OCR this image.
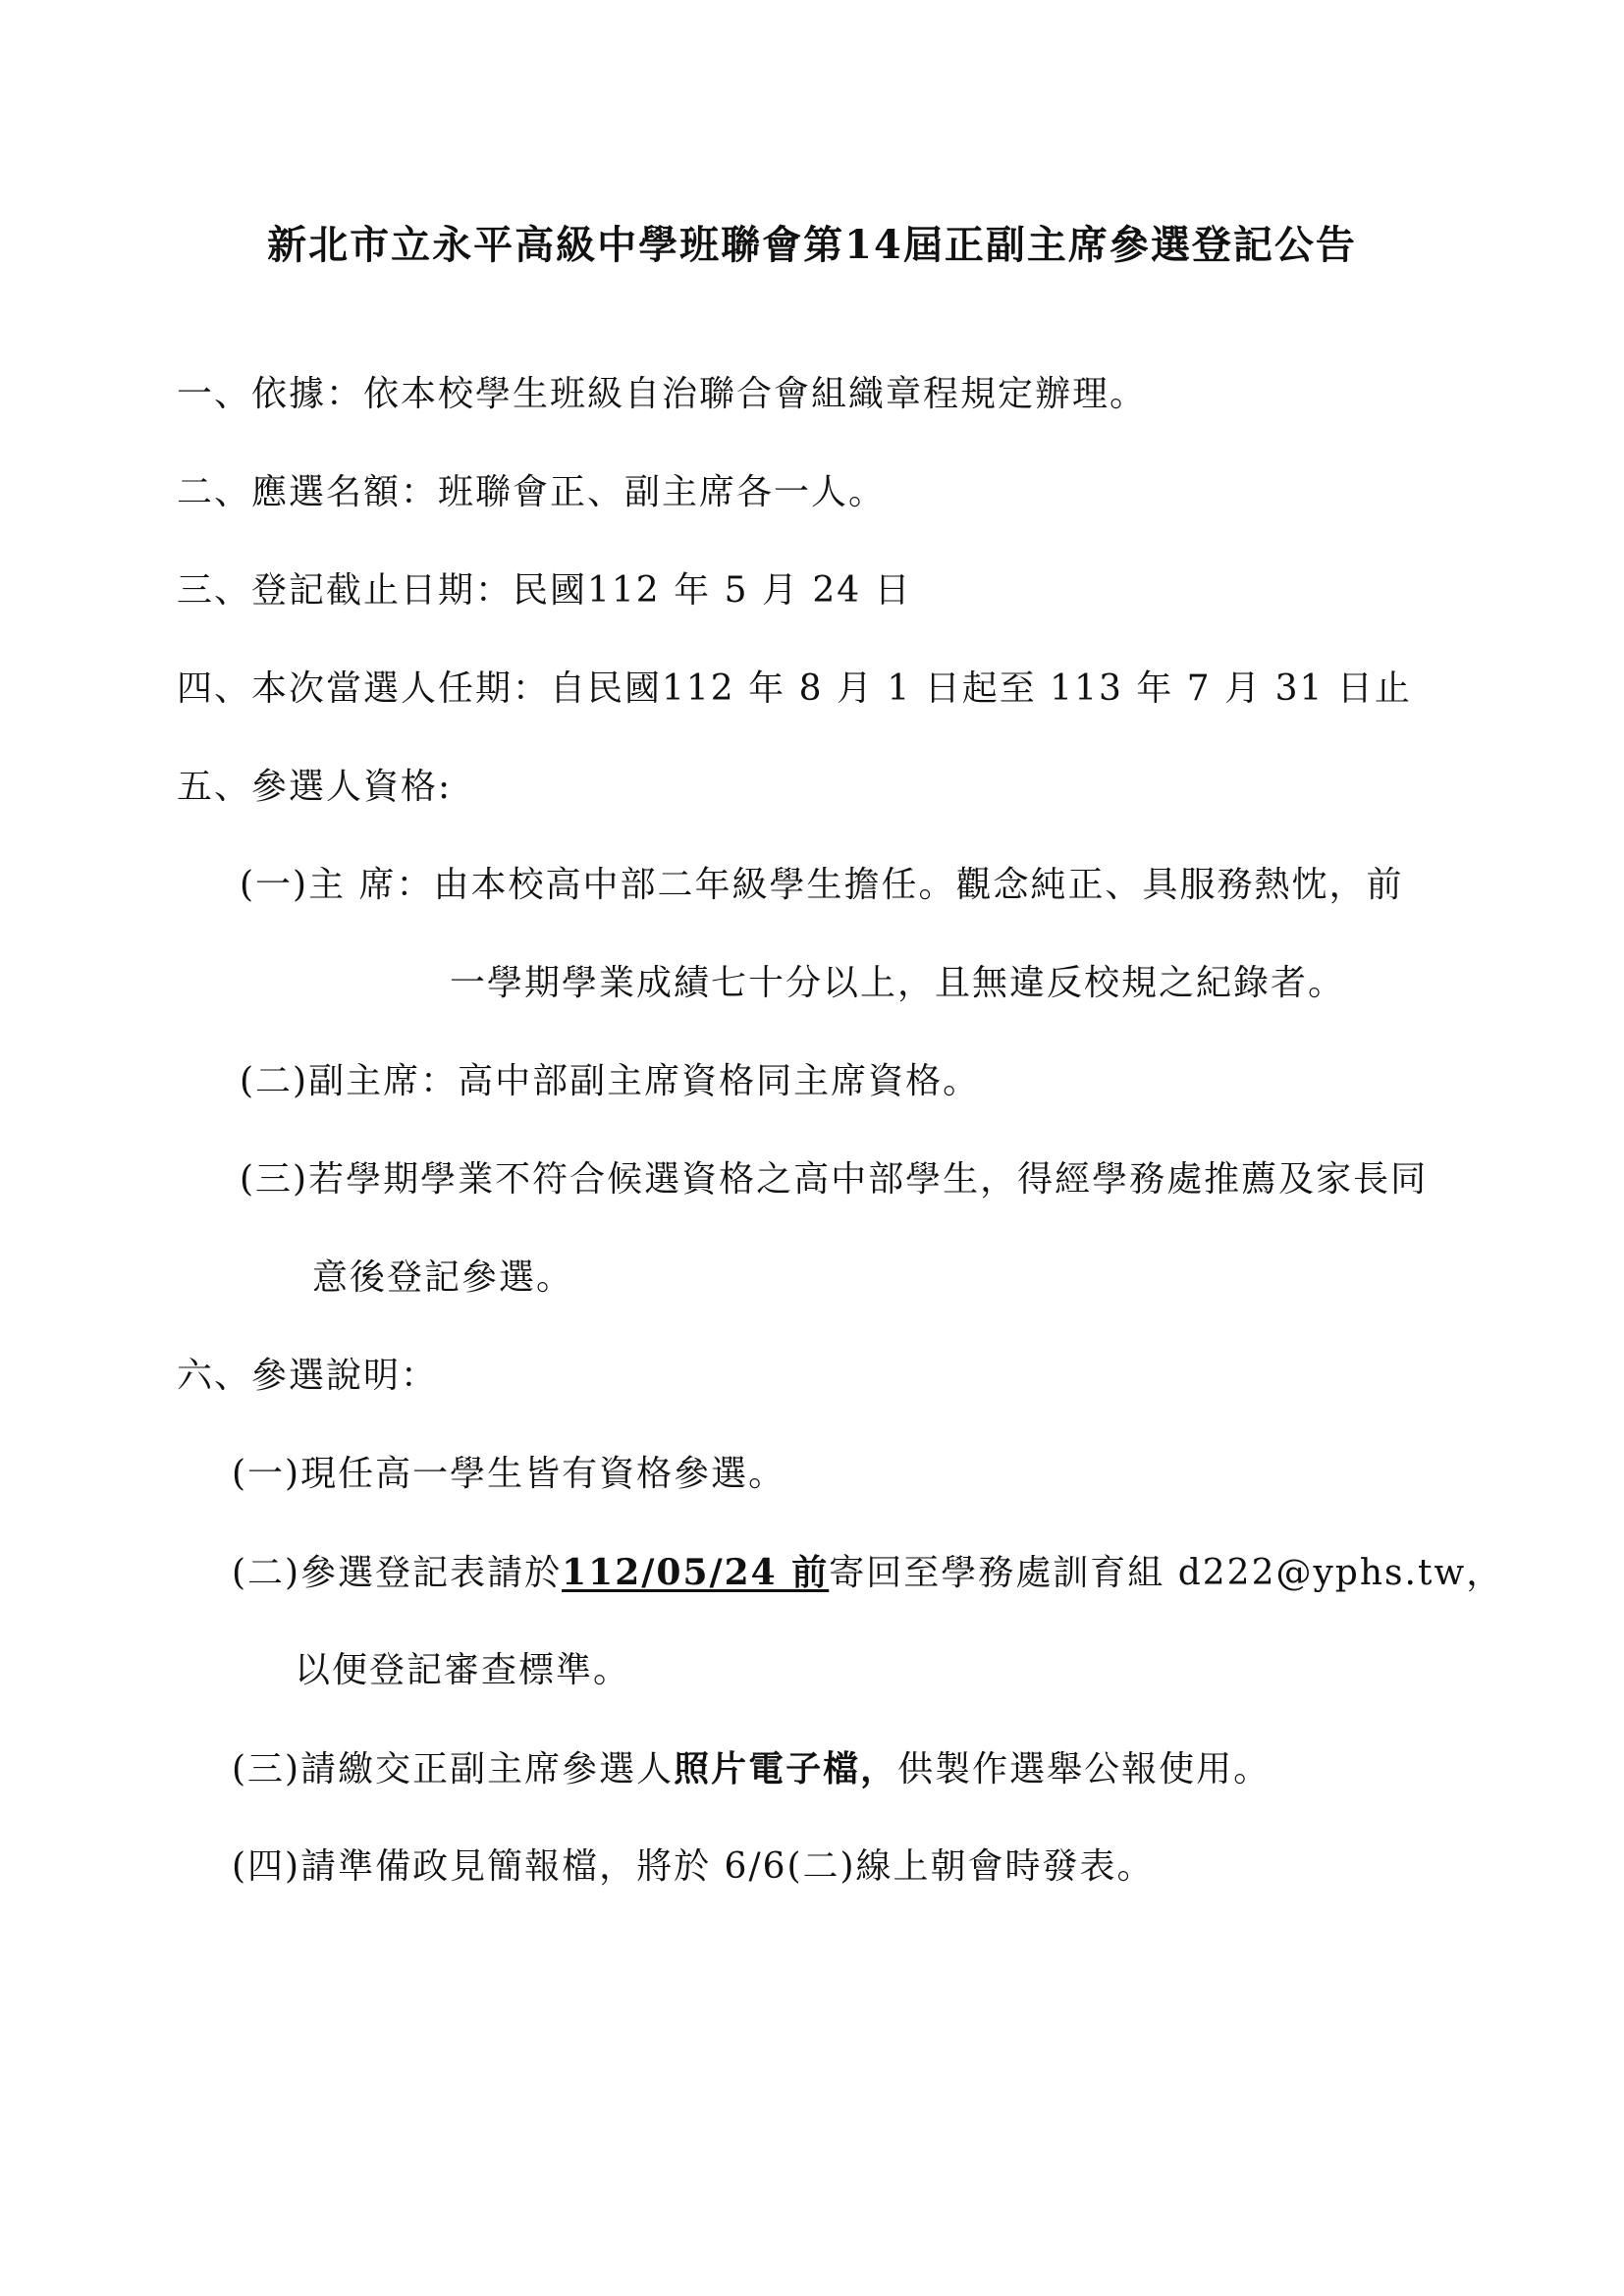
新北市立永平高級中學班聯會第14屆正副主席參選登記公告
一、依據：依本校學生班級自治聯合會組織章程規定辦理。
二、應選名額：班聯會正、副主席各一人。
三、登記截止日期：民國112 年 5 月 24 日
四、本次當選人任期：自民國112 年 8 月 1 日起至 113 年 7 月 31 日止
五、參選人資格:
(一)主 席：由本校高中部二年級學生擔任。觀念純正、具服務熱忱，前
一學期學業成績七十分以上，且無違反校規之紀錄者。
(二)副主席：高中部副主席資格同主席資格。
(三)若學期學業不符合候選資格之高中部學生，得經學務處推薦及家長同
意後登記參選。
六、參選說明：
(一)現任高一學生皆有資格參選。
(二)參選登記表請於112/05/24 前寄回至學務處訓育組 d222@yphs.tw，
以便登記審查標準。
(三)請繳交正副主席參選人照片電子檔，供製作選舉公報使用。
(四)請準備政見簡報檔，將於 6/6(二)線上朝會時發表。
